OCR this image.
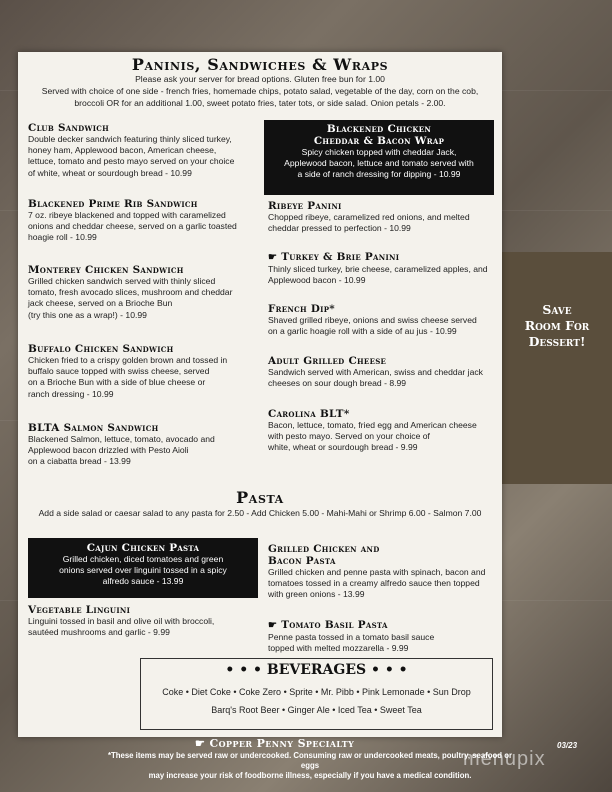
Save
Room For
Dessert!
Paninis, Sandwiches & Wraps
Please ask your server for bread options. Gluten free bun for 1.00
Served with choice of one side - french fries, homemade chips, potato salad, vegetable of the day, corn on the cob,
broccoli OR for an additional 1.00, sweet potato fries, tater tots, or side salad. Onion petals - 2.00.
Club Sandwich

Double decker sandwich featuring thinly sliced turkey,

honey ham, Applewood bacon, American cheese,

lettuce, tomato and pesto mayo served on your choice

of white, wheat or sourdough bread - 10.99

Blackened Prime Rib Sandwich

7 oz. ribeye blackened and topped with caramelized

onions and cheddar cheese, served on a garlic toasted

hoagie roll - 10.99

Monterey Chicken Sandwich

Grilled chicken sandwich served with thinly sliced

tomato, fresh avocado slices, mushroom and cheddar

jack cheese, served on a Brioche Bun

(try this one as a wrap!) - 10.99

Buffalo Chicken Sandwich

Chicken fried to a crispy golden brown and tossed in

buffalo sauce topped with swiss cheese, served

on a Brioche Bun with a side of blue cheese or

ranch dressing - 10.99

BLTA Salmon Sandwich

Blackened Salmon, lettuce, tomato, avocado and

Applewood bacon drizzled with Pesto Aioli

on a ciabatta bread - 13.99

Blackened Chicken
Cheddar & Bacon Wrap

Spicy chicken topped with cheddar Jack,

Applewood bacon, lettuce and tomato served with

a side of ranch dressing for dipping - 10.99

Ribeye Panini

Chopped ribeye, caramelized red onions, and melted

cheddar pressed to perfection - 10.99

☛ Turkey & Brie Panini

Thinly sliced turkey, brie cheese, caramelized apples, and

Applewood bacon - 10.99

French Dip*

Shaved grilled ribeye, onions and swiss cheese served

on a garlic hoagie roll with a side of au jus - 10.99

Adult Grilled Cheese

Sandwich served with American, swiss and cheddar jack

cheeses on sour dough bread - 8.99

Carolina BLT*

Bacon, lettuce, tomato, fried egg and American cheese

with pesto mayo. Served on your choice of

white, wheat or sourdough bread - 9.99

Pasta
Add a side salad or caesar salad to any pasta for 2.50 - Add Chicken 5.00 - Mahi-Mahi or Shrimp 6.00 - Salmon 7.00
Cajun Chicken Pasta

Grilled chicken, diced tomatoes and green

onions served over linguini tossed in a spicy

alfredo sauce - 13.99

Vegetable Linguini

Linguini tossed in basil and olive oil with broccoli,

sautéed mushrooms and garlic - 9.99

Grilled Chicken and
Bacon Pasta

Grilled chicken and penne pasta with spinach, bacon and

tomatoes tossed in a creamy alfredo sauce then topped

with green onions - 13.99

☛ Tomato Basil Pasta

Penne pasta tossed in a tomato basil sauce

topped with melted mozzarella - 9.99

• • • BEVERAGES • • •
Coke • Diet Coke • Coke Zero • Sprite • Mr. Pibb • Pink Lemonade • Sun Drop
Barq's Root Beer • Ginger Ale • Iced Tea • Sweet Tea
☛ Copper Penny Specialty	03/23
*These items may be served raw or undercooked. Consuming raw or undercooked meats, poultry, seafood or eggs
may increase your risk of foodborne illness, especially if you have a medical condition.
menupix
